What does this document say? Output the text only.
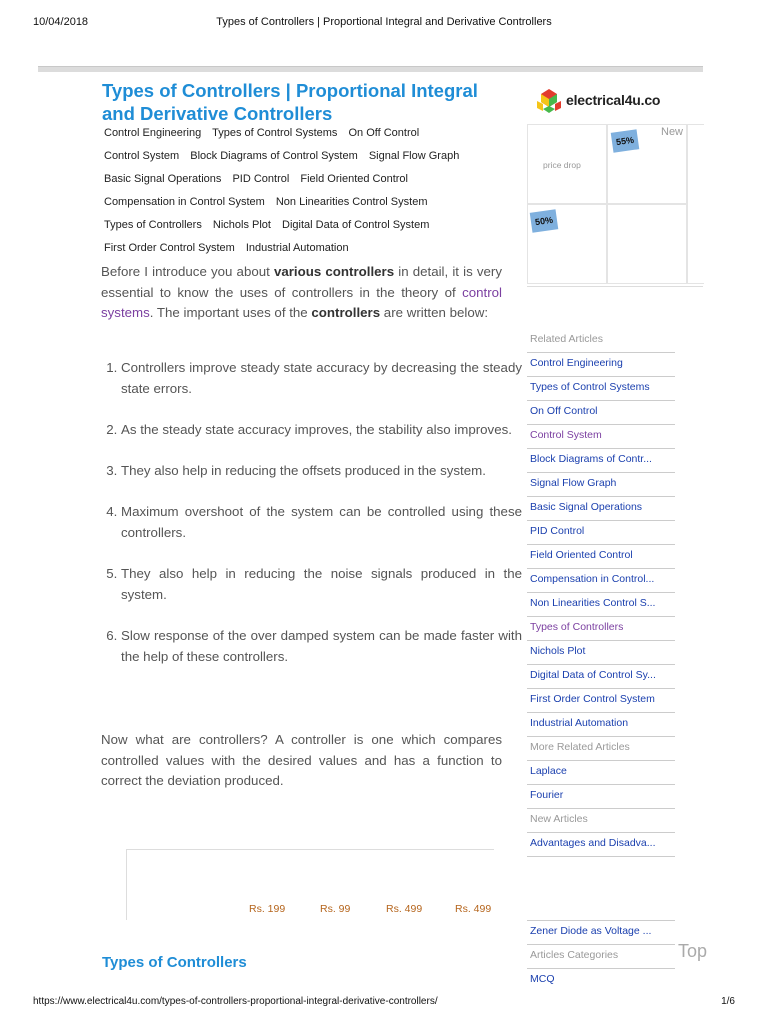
10/04/2018	Types of Controllers | Proportional Integral and Derivative Controllers
Types of Controllers | Proportional Integral and Derivative Controllers
Control Engineering Types of Control Systems On Off Control
Control System Block Diagrams of Control System Signal Flow Graph
Basic Signal Operations PID Control Field Oriented Control
Compensation in Control System Non Linearities Control System
Types of Controllers Nichols Plot Digital Data of Control System
First Order Control System Industrial Automation

Before I introduce you about various controllers in detail, it is very essential to know the uses of controllers in the theory of control systems. The important uses of the controllers are written below:

1. Controllers improve steady state accuracy by decreasing the steady state errors.
2. As the steady state accuracy improves, the stability also improves.
3. They also help in reducing the offsets produced in the system.
4. Maximum overshoot of the system can be controlled using these controllers.
5. They also help in reducing the noise signals produced in the system.
6. Slow response of the over damped system can be made faster with the help of these controllers.

Now what are controllers? A controller is one which compares controlled values with the desired values and has a function to correct the deviation produced.

Rs. 199	Rs. 99	Rs. 499	Rs. 499
Types of Controllers
electrical4u.co
price drop
New
55%
50%
Related Articles
Control Engineering
Types of Control Systems
On Off Control
Control System
Block Diagrams of Contr...
Signal Flow Graph
Basic Signal Operations
PID Control
Field Oriented Control
Compensation in Control...
Non Linearities Control S...
Types of Controllers
Nichols Plot
Digital Data of Control Sy...
First Order Control System
Industrial Automation
More Related Articles
Laplace
Fourier
New Articles
Advantages and Disadva...
Zener Diode as Voltage ...
Articles Categories
MCQ
Top
https://www.electrical4u.com/types-of-controllers-proportional-integral-derivative-controllers/	1/6
